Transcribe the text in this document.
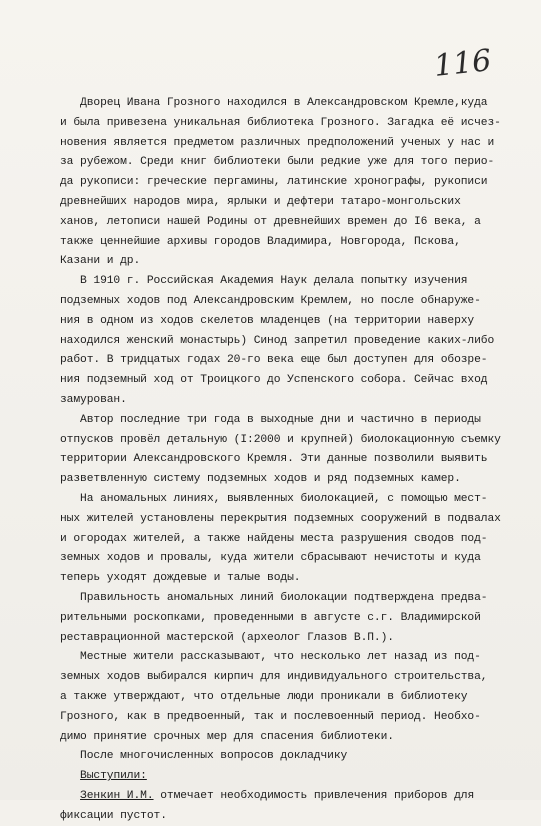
116
Дворец Ивана Грозного находился в Александровском Кремле,куда
и была привезена уникальная библиотека Грозного. Загадка её исчез-
новения является предметом различных предположений ученых у нас и
за рубежом. Среди книг библиотеки были редкие уже для того перио-
да рукописи: греческие пергамины, латинские хронографы, рукописи
древнейших народов мира, ярлыки и дефтери татаро-монгольских
ханов, летописи нашей Родины от древнейших времен до I6 века, а
также ценнейшие архивы городов Владимира, Новгорода, Пскова,
Казани и др.
В 1910 г. Российская Академия Наук делала попытку изучения
подземных ходов под Александровским Кремлем, но после обнаруже-
ния в одном из ходов скелетов младенцев (на территории наверху
находился женский монастырь) Синод запретил проведение каких-либо
работ. В тридцатых годах 20-го века еще был доступен для обозре-
ния подземный ход от Троицкого до Успенского собора. Сейчас вход
замурован.
Автор последние три года в выходные дни и частично в периоды
отпусков провёл детальную (I:2000 и крупней) биолокационную съемку
территории Александровского Кремля. Эти данные позволили выявить
разветвленную систему подземных ходов и ряд подземных камер.
На аномальных линиях, выявленных биолокацией, с помощью мест-
ных жителей установлены перекрытия подземных сооружений в подвалах
и огородах жителей, а также найдены места разрушения сводов под-
земных ходов и провалы, куда жители сбрасывают нечистоты и куда
теперь уходят дождевые и талые воды.
Правильность аномальных линий биолокации подтверждена предва-
рительными роскопками, проведенными в августе с.г. Владимирской
реставрационной мастерской (археолог Глазов В.П.).
Местные жители рассказывают, что несколько лет назад из под-
земных ходов выбирался кирпич для индивидуального строительства,
а также утверждают, что отдельные люди проникали в библиотеку
Грозного, как в предвоенный, так и послевоенный период. Необхо-
димо принятие срочных мер для спасения библиотеки.
После многочисленных вопросов докладчику
Выступили:
Зенкин И.М. отмечает необходимость привлечения приборов для
фиксации пустот.
